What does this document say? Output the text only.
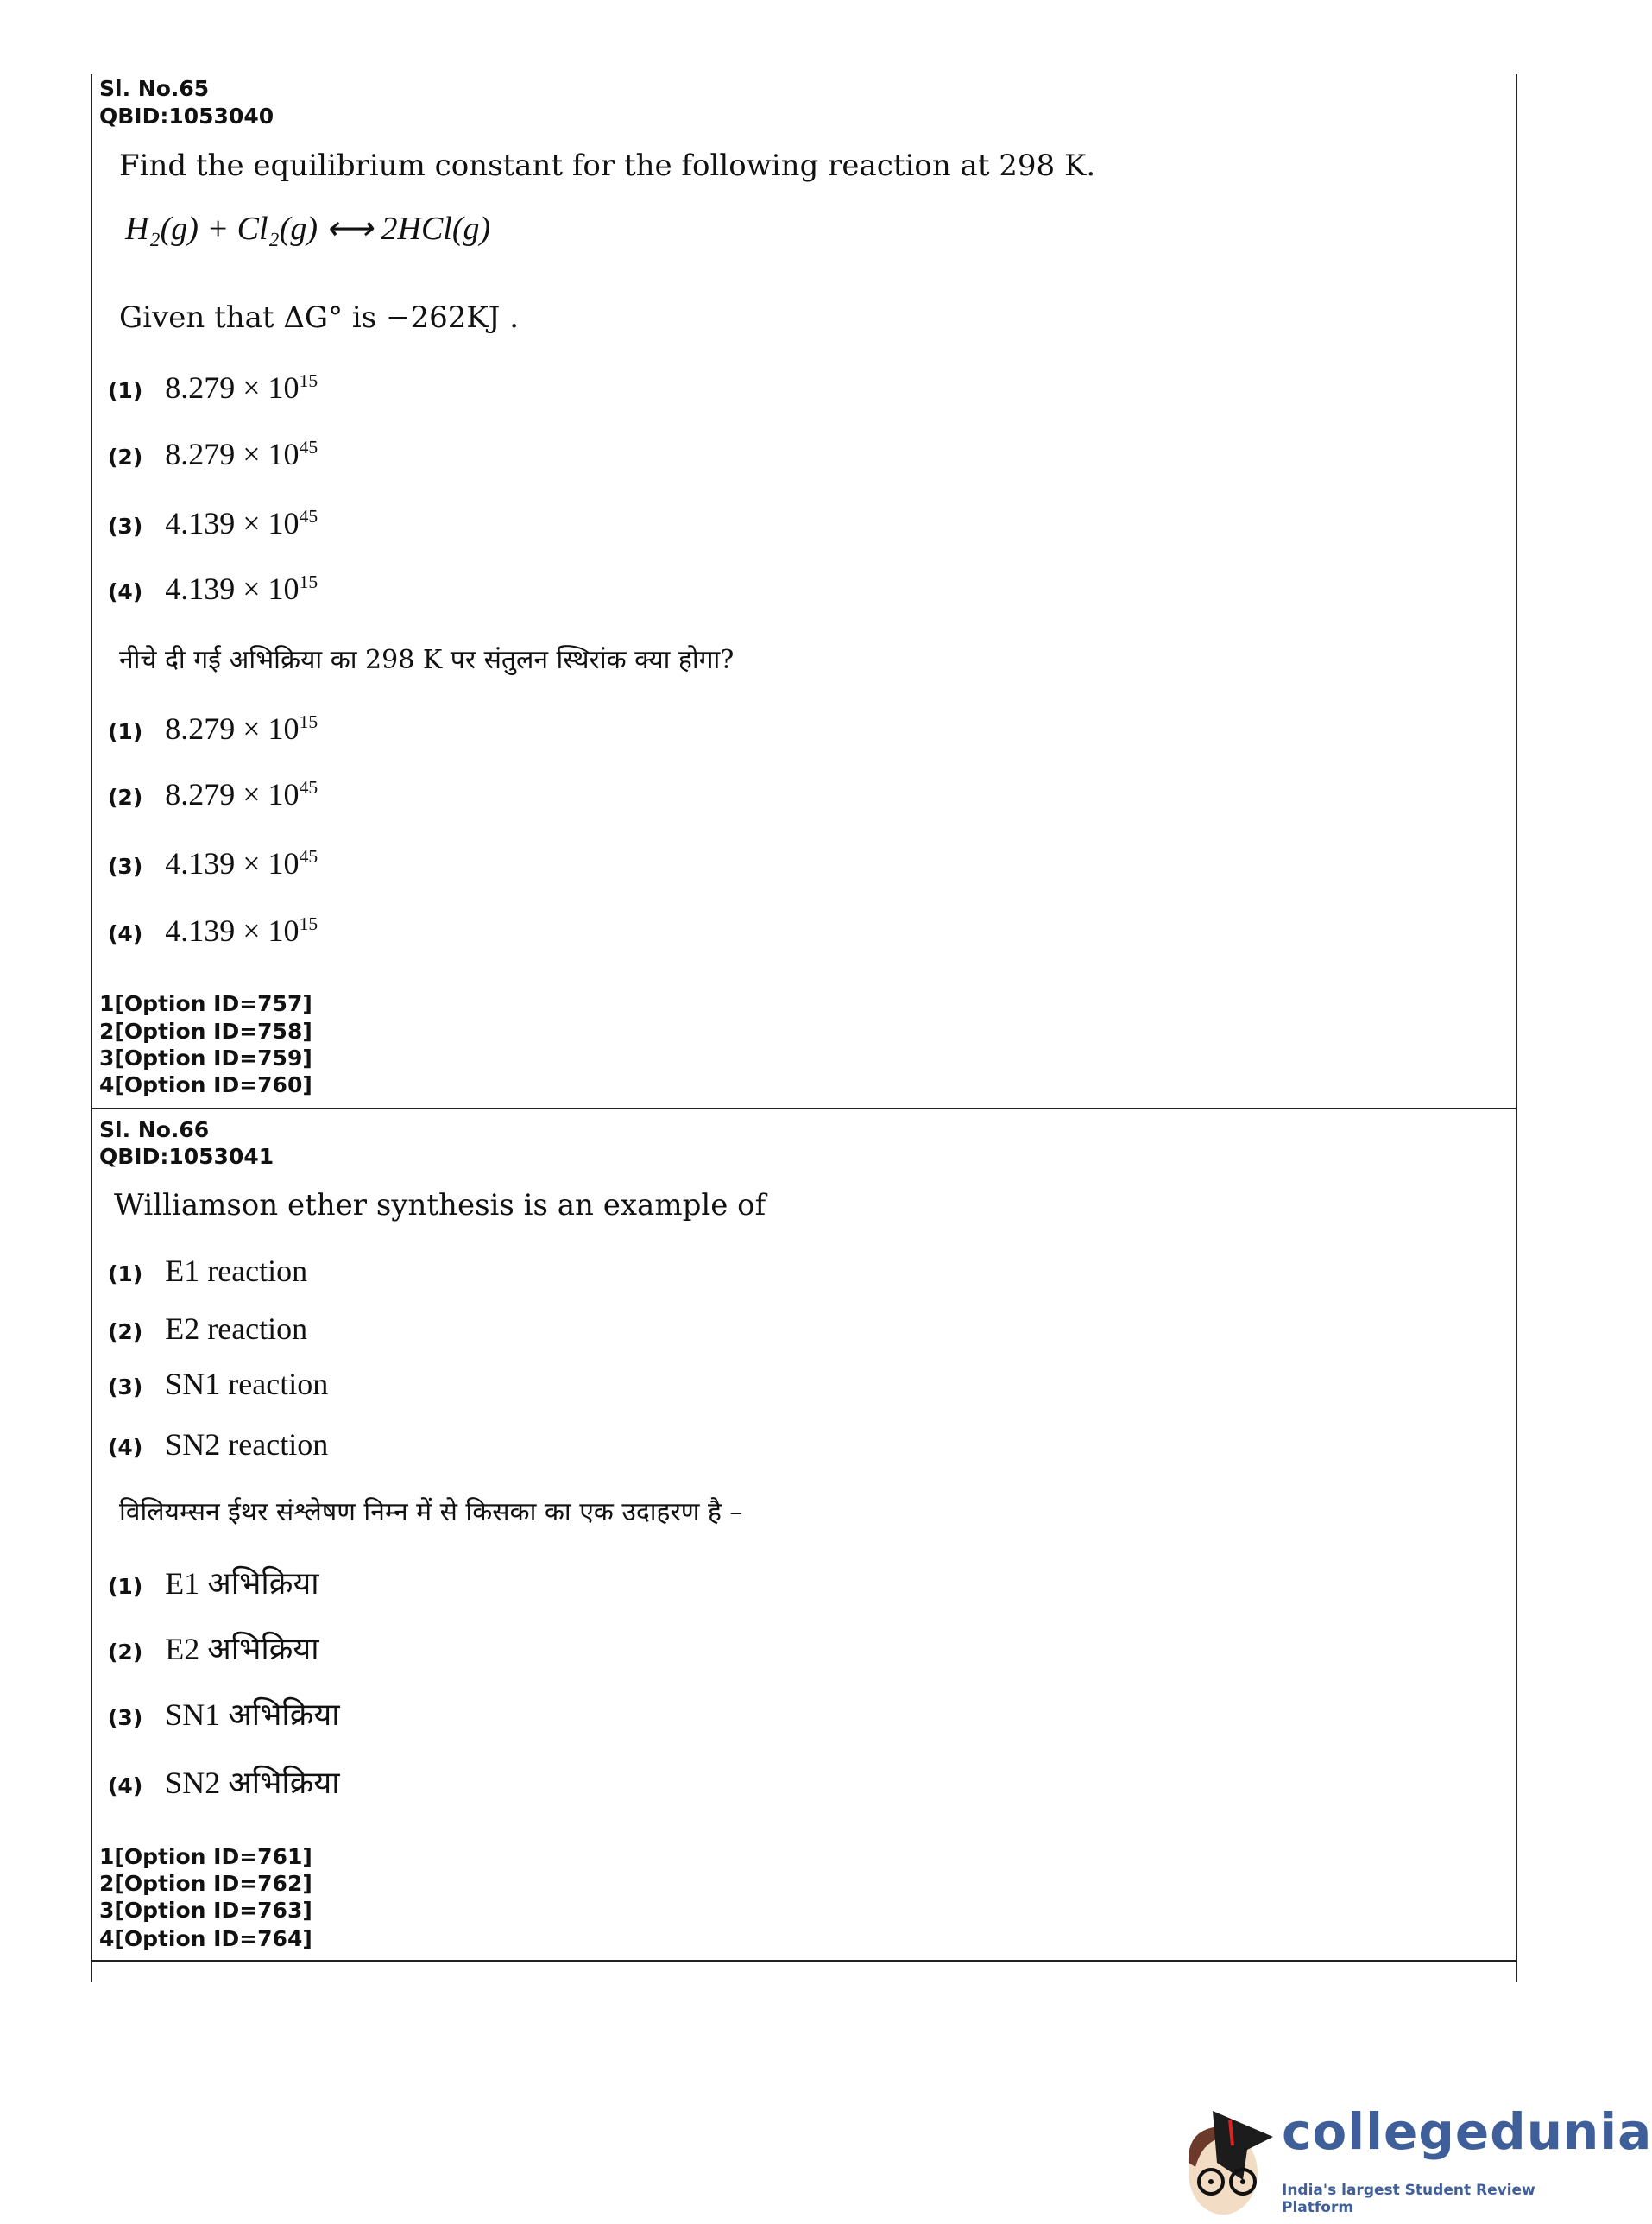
Sl. No.65
QBID:1053040
Find the equilibrium constant for the following reaction at 298 K.
H₂(g) + Cl₂(g) ⟷ 2HCl(g)
Given that ΔG° is −262KJ .
(1) $8.279 \times 10^{15}$
(2) $8.279 \times 10^{45}$
(3) $4.139 \times 10^{45}$
(4) $4.139 \times 10^{15}$
नीचे दी गई अभिक्रिया का 298 K पर संतुलन स्थिरांक क्या होगा?
(1) $8.279 \times 10^{15}$
(2) $8.279 \times 10^{45}$
(3) $4.139 \times 10^{45}$
(4) $4.139 \times 10^{15}$
1[Option ID=757]
2[Option ID=758]
3[Option ID=759]
4[Option ID=760]
Sl. No.66
QBID:1053041
Williamson ether synthesis is an example of
(1) E1 reaction
(2) E2 reaction
(3) SN1 reaction
(4) SN2 reaction
विलियम्सन ईथर संश्लेषण निम्न में से किसका का एक उदाहरण है –
(1) E1 अभिक्रिया
(2) E2 अभिक्रिया
(3) SN1 अभिक्रिया
(4) SN2 अभिक्रिया
1[Option ID=761]
2[Option ID=762]
3[Option ID=763]
4[Option ID=764]
collegedunia
India's largest Student Review Platform
